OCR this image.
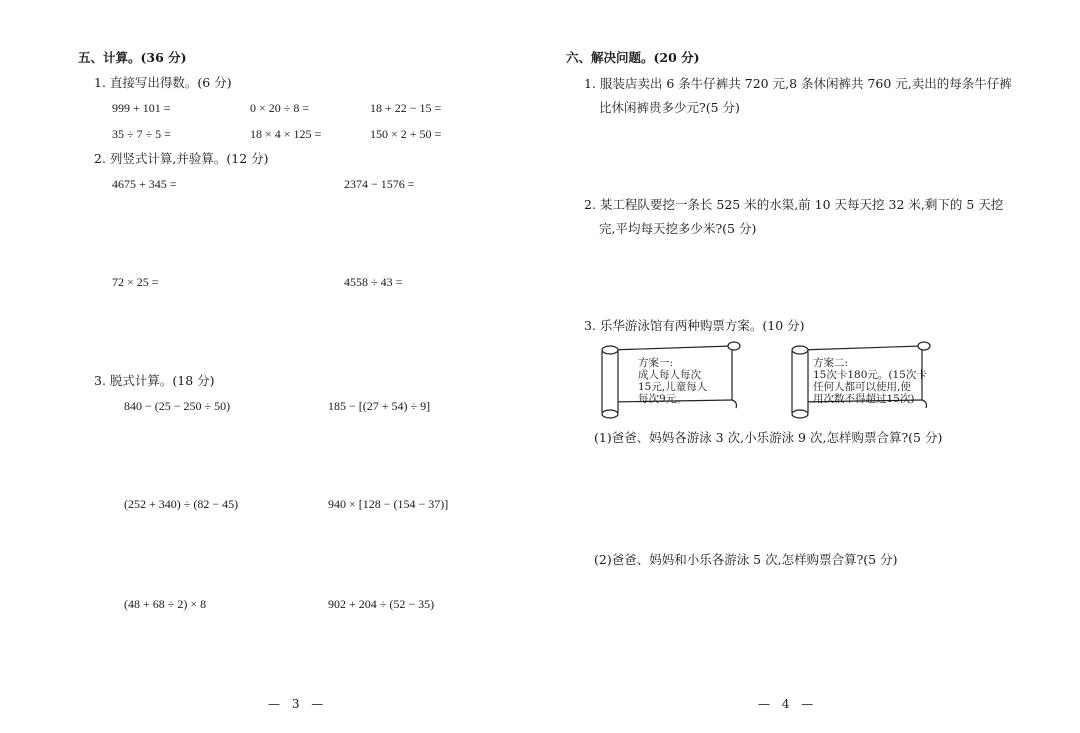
五、计算。(36 分)
1. 直接写出得数。(6 分)
999 + 101 =	0 × 20 ÷ 8 =	18 + 22 − 15 =
35 ÷ 7 ÷ 5 =	18 × 4 × 125 =	150 × 2 + 50 =
2. 列竖式计算,并验算。(12 分)
4675 + 345 =	2374 − 1576 =
72 × 25 =	4558 ÷ 43 =
3. 脱式计算。(18 分)
840 − (25 − 250 ÷ 50)	185 − [(27 + 54) ÷ 9]
(252 + 340) ÷ (82 − 45)	940 × [128 − (154 − 37)]
(48 + 68 ÷ 2) × 8	902 + 204 ÷ (52 − 35)
— 3 —
六、解决问题。(20 分)
1. 服装店卖出 6 条牛仔裤共 720 元,8 条休闲裤共 760 元,卖出的每条牛仔裤
比休闲裤贵多少元?(5 分)
2. 某工程队要挖一条长 525 米的水渠,前 10 天每天挖 32 米,剩下的 5 天挖
完,平均每天挖多少米?(5 分)
3. 乐华游泳馆有两种购票方案。(10 分)
方案一:
成人每人每次
15元,儿童每人
每次9元。
方案二:
15次卡180元。(15次卡
任何人都可以使用,使
用次数不得超过15次)
(1)爸爸、妈妈各游泳 3 次,小乐游泳 9 次,怎样购票合算?(5 分)
(2)爸爸、妈妈和小乐各游泳 5 次,怎样购票合算?(5 分)
— 4 —
